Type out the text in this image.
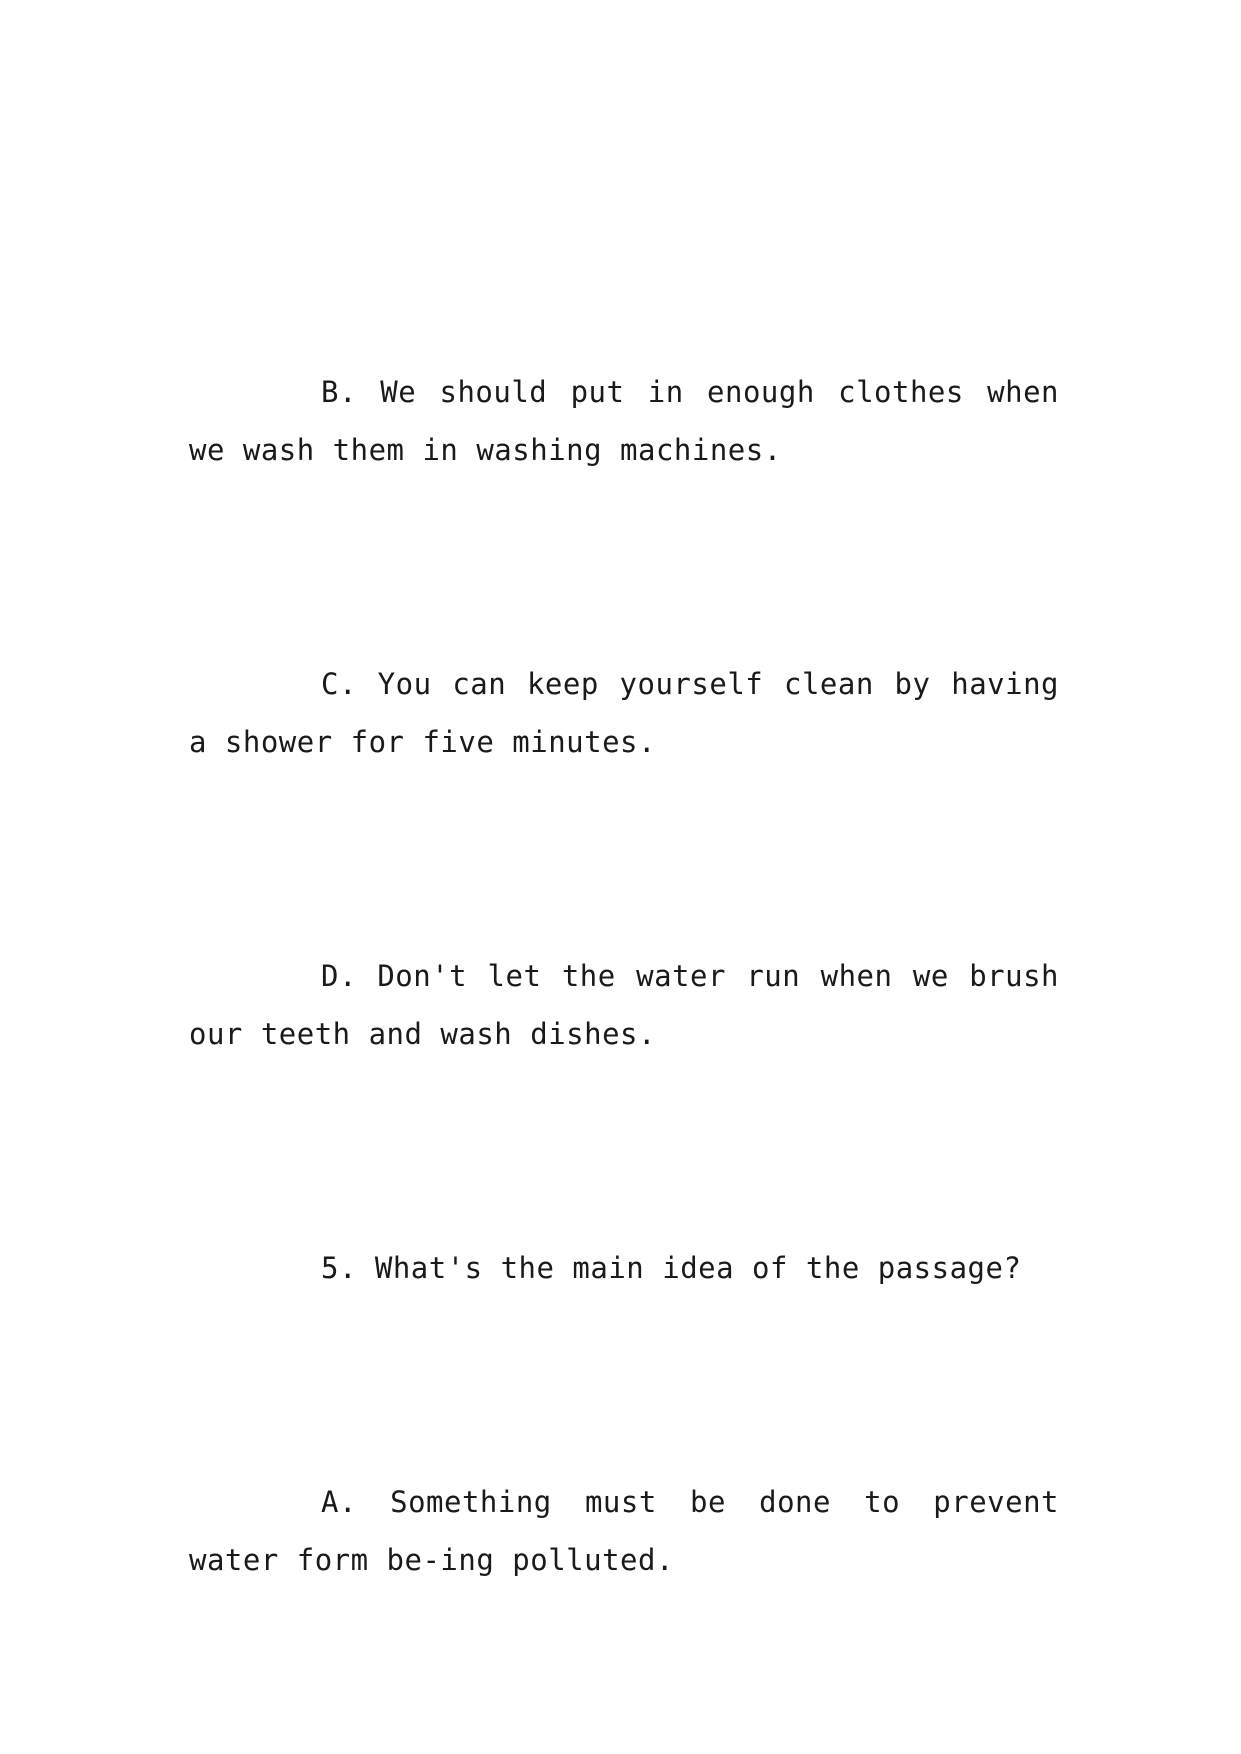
B. We should put in enough clothes when we wash them in washing machines.

C. You can keep yourself clean by having a shower for five minutes.

D. Don't let the water run when we brush our teeth and wash dishes.

5. What's the main idea of the passage?

A. Something must be done to prevent water form be-ing polluted.
